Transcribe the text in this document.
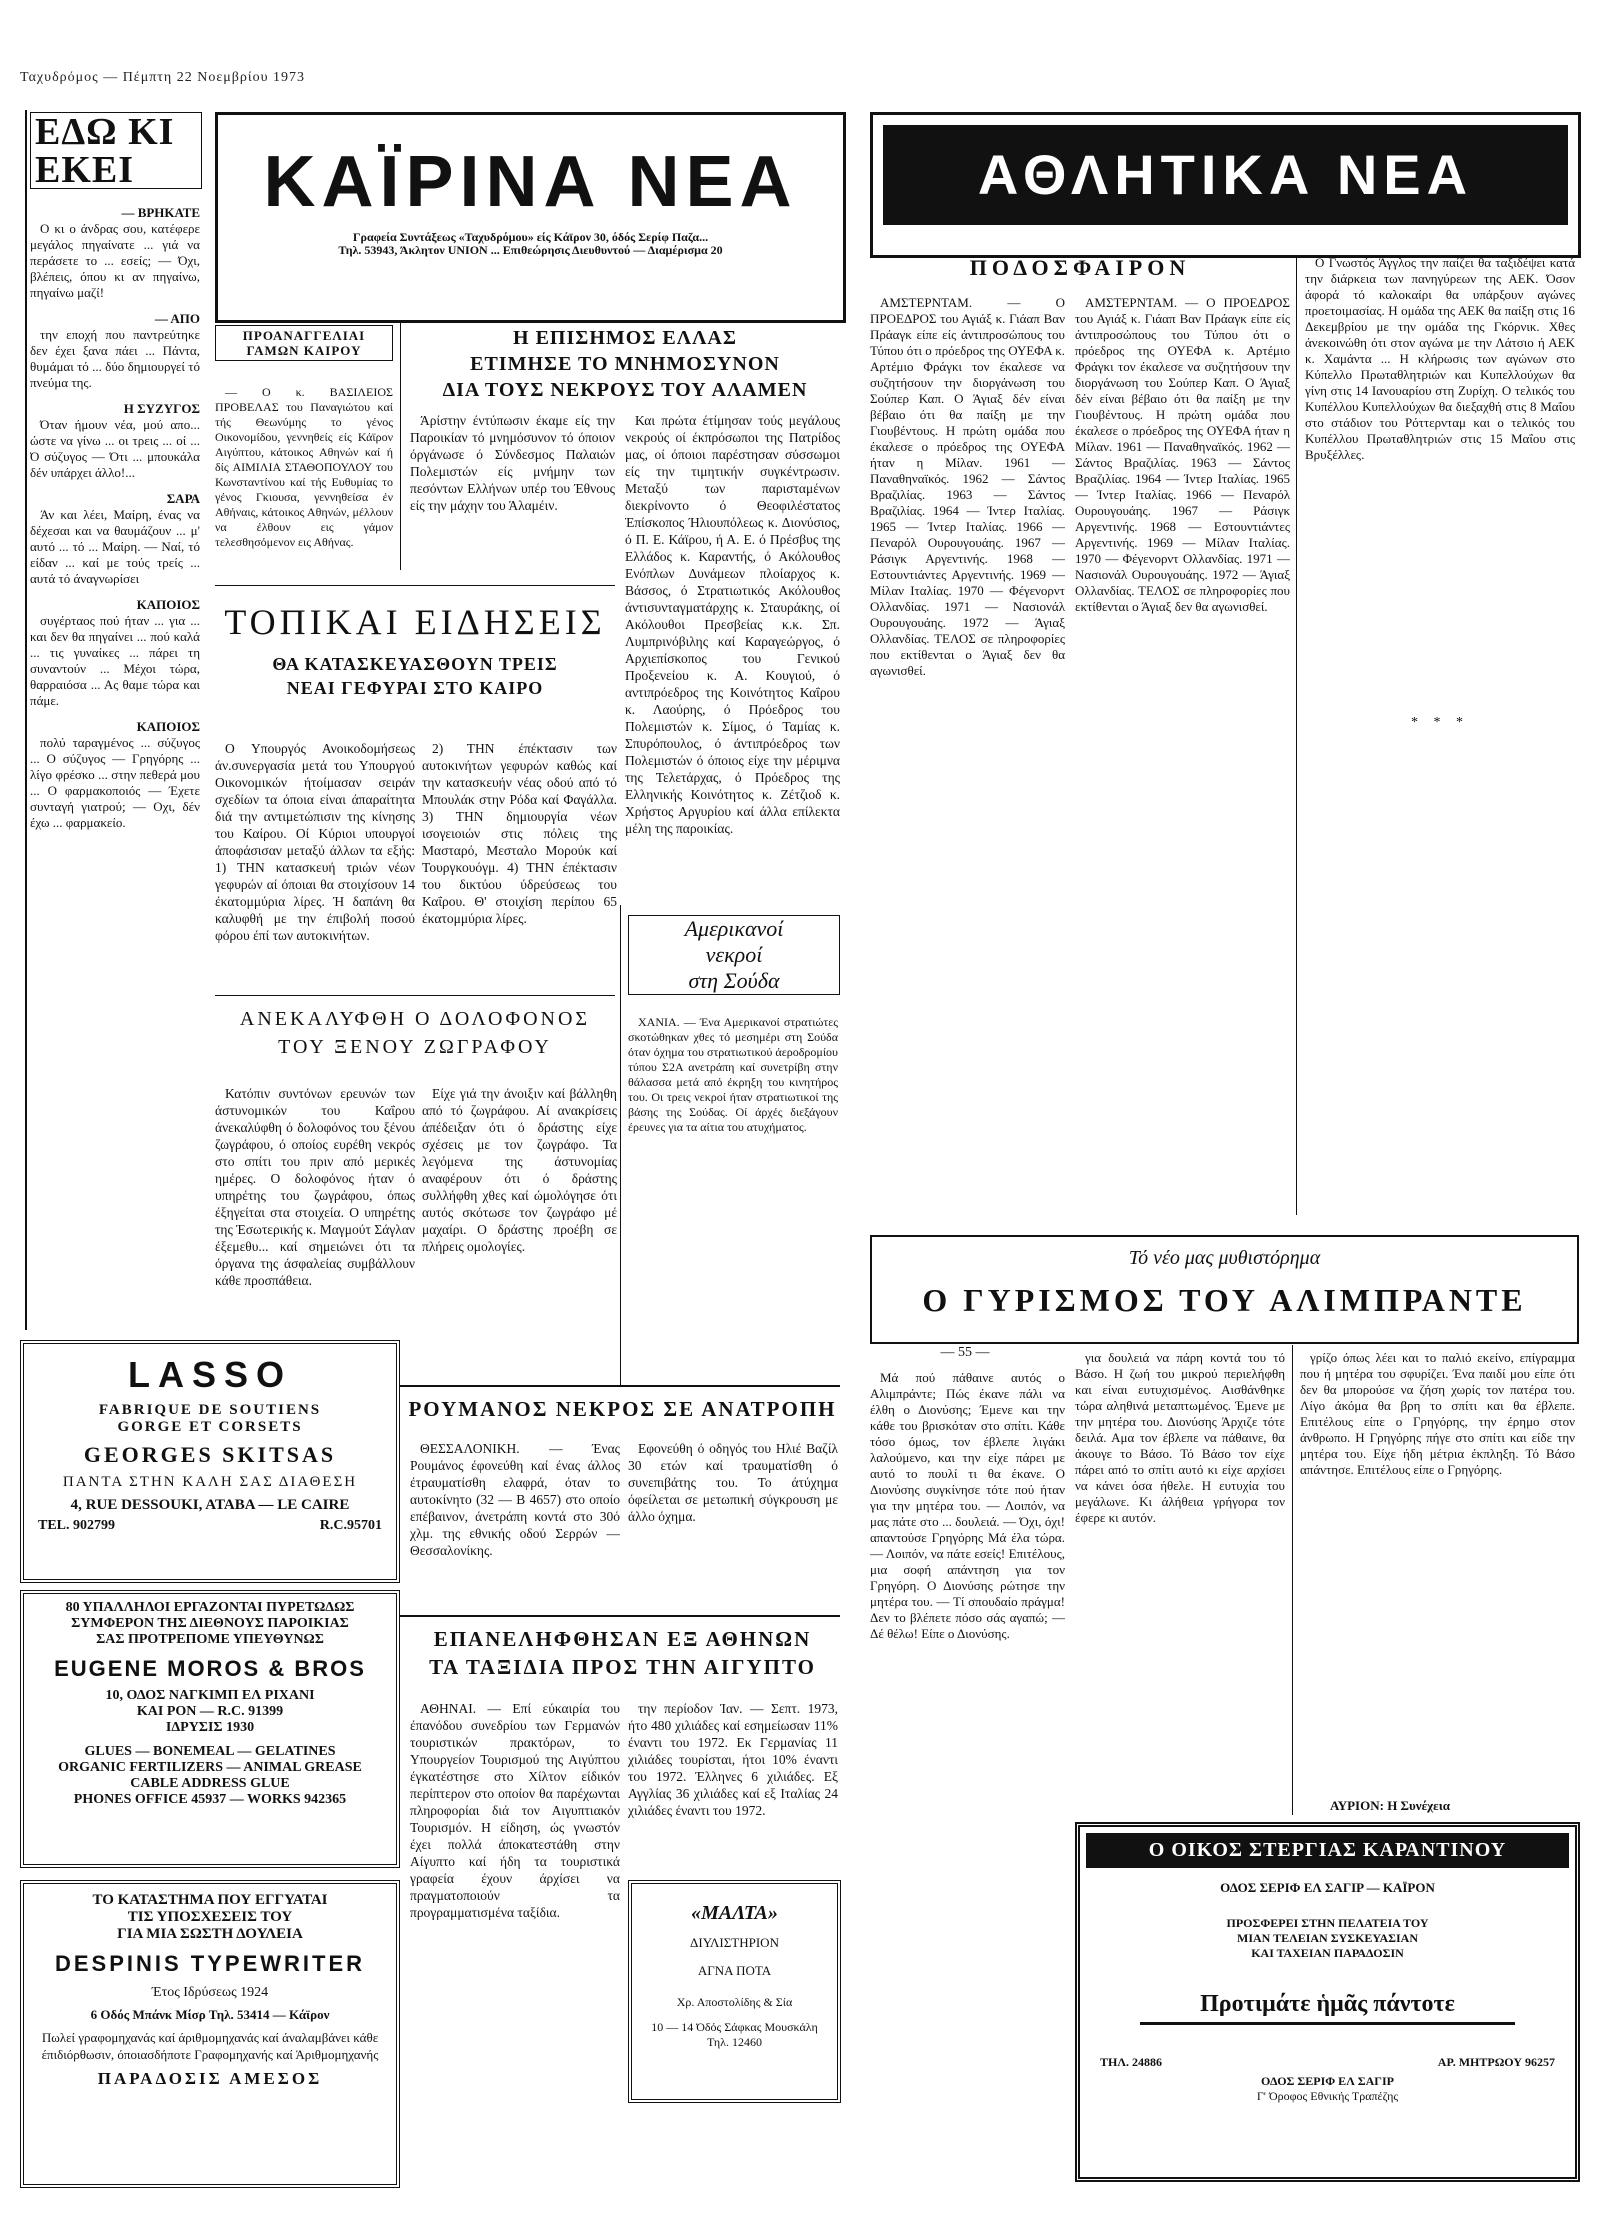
Ταχυδρόμος — Πέμπτη 22 Νοεμβρίου 1973
ΕΔΩ ΚΙ ΕΚΕΙ
— ΒΡΗΚΑΤΕ

Ο κι ο άνδρας σου, κατέφερε μεγάλος πηγαίνατε ... γιά να περάσετε το ... εσείς; — Όχι, βλέπεις, όπου κι αν πηγαίνω, πηγαίνω μαζί!

— ΑΠΟ

την εποχή που παντρεύτηκε δεν έχει ξανα πάει ... Πάντα, θυμάμαι τό ... δύο δημιουργεί τό πνεύμα της.

Η ΣΥΖΥΓΟΣ

Όταν ήμουν νέα, μού απο... ώστε να γίνω ... οι τρεις ... οί ... Ό σύζυγος — Ότι ... μπουκάλα δέν υπάρχει άλλο!...

ΣΑΡΑ

Άν και λέει, Μαίρη, ένας να δέχεσαι και να θαυμάζουν ... μ' αυτό ... τό ... Μαίρη. — Ναί, τό είδαν ... καί με τούς τρείς ... αυτά τό άναγνωρίσει

ΚΑΠΟΙΟΣ

συγέρταος πού ήταν ... για ... και δεν θα πηγαίνει ... πού καλά ... τις γυναίκες ... πάρει τη συναντούν ... Μέχοι τώρα, θαρραιόσα ... Ας θαμε τώρα και πάμε.

ΚΑΠΟΙΟΣ

πολύ ταραγμένος ... σύζυγος ... Ο σύζυγος — Γρηγόρης ... λίγο φρέσκο ... στην πεθερά μου ... Ο φαρμακοποιός — Έχετε συνταγή γιατρού; — Οχι, δέν έχω ... φαρμακείο.

LASSO
FABRIQUE DE SOUTIENS
GORGE ET CORSETS
GEORGES SKITSAS
ΠΑΝΤΑ ΣΤΗΝ ΚΑΛΗ ΣΑΣ ΔΙΑΘΕΣΗ
4, RUE DESSOUKI, ATABA — LE CAIRE
TEL. 902799	R.C.95701
80 ΥΠΑΛΛΗΛΟΙ ΕΡΓΑΖΟΝΤΑΙ ΠΥΡΕΤΩΔΩΣ
ΣΥΜΦΕΡΟΝ ΤΗΣ ΔΙΕΘΝΟΥΣ ΠΑΡΟΙΚΙΑΣ
ΣΑΣ ΠΡΟΤΡΕΠΟΜΕ ΥΠΕΥΘΥΝΩΣ
EUGENE MOROS & BROS
10, ΟΔΟΣ ΝΑΓΚΙΜΠ ΕΛ ΡΙΧΑΝΙ
ΚΑΙ ΡΟΝ — R.C. 91399
ΙΔΡΥΣΙΣ 1930
GLUES — BONEMEAL — GELATINES
ORGANIC FERTILIZERS — ANIMAL GREASE
CABLE ADDRESS GLUE
PHONES OFFICE 45937 — WORKS 942365
ΤΟ ΚΑΤΑΣΤΗΜΑ ΠΟΥ ΕΓΓΥΑΤΑΙ
ΤΙΣ ΥΠΟΣΧΕΣΕΙΣ ΤΟΥ
ΓΙΑ ΜΙΑ ΣΩΣΤΗ ΔΟΥΛΕΙΑ
DESPINIS TYPEWRITER
Έτος Ιδρύσεως 1924
6 Οδός Μπάνκ Μίσρ Τηλ. 53414 — Κάϊρον
Πωλεί γραφομηχανάς καί άριθμομηχανάς καί άναλαμβάνει κάθε έπιδιόρθωσιν, όποιασδήποτε Γραφομηχανής καί Άριθμομηχανής
ΠΑΡΑΔΟΣΙΣ ΑΜΕΣΟΣ
ΚΑΪΡΙΝΑ ΝΕΑ
Γραφεία Συντάξεως «Ταχυδρόμου» είς Κάϊρον 30, όδός Σερίφ Παζα...
Τηλ. 53943, Άκλητον UNION ... Επιθεώρησις Διευθυντού — Διαμέρισμα 20
ΠΡΟΑΝΑΓΓΕΛΙΑΙ ΓΑΜΩΝ ΚΑΙΡΟΥ

— Ο κ. ΒΑΣΙΛΕΙΟΣ ΠΡΟΒΕΛΑΣ του Παναγιώτου καί τής Θεωνύμης το γένος Οικονομίδου, γεννηθείς είς Κάϊρον Αιγύπτου, κάτοικος Αθηνών καί ή δίς ΑΙΜΙΛΙΑ ΣΤΑΘΟΠΟΥΛΟΥ του Κωνσταντίνου καί τής Ευθυμίας το γένος Γκιουσα, γεννηθείσα έν Αθήναις, κάτοικος Αθηνών, μέλλουν να έλθουν εις γάμον τελεσθησόμενον εις Αθήνας.

Η ΕΠΙΣΗΜΟΣ ΕΛΛΑΣ
ΕΤΙΜΗΣΕ ΤΟ ΜΝΗΜΟΣΥΝΟΝ
ΔΙΑ ΤΟΥΣ ΝΕΚΡΟΥΣ ΤΟΥ ΑΛΑΜΕΝ

Άρίστην έντύπωσιν έκαμε είς την Παροικίαν τό μνημόσυνον τό όποιον όργάνωσε ό Σύνδεσμος Παλαιών Πολεμιστών είς μνήμην των πεσόντων Ελλήνων υπέρ του Έθνους είς την μάχην του Άλαμέιν.

Και πρώτα έτίμησαν τούς μεγάλους νεκρούς οί έκπρόσωποι της Πατρίδος μας, οί όποιοι παρέστησαν σύσσωμοι είς την τιμητικήν συγκέντρωσιν. Μεταξύ των παρισταμένων διεκρίνοντο ό Θεοφιλέστατος Έπίσκοπος Ήλιουπόλεως κ. Διονύσιος, ό Π. Ε. Κάϊρου, ή Α. Ε. ό Πρέσβυς της Ελλάδος κ. Καραντής, ό Ακόλουθος Ενόπλων Δυνάμεων πλοίαρχος κ. Βάσσος, ό Στρατιωτικός Ακόλουθος άντισυνταγματάρχης κ. Σταυράκης, οί Ακόλουθοι Πρεσβείας κ.κ. Σπ. Λυμπρινόβιλης καί Καραγεώργος, ό Αρχιεπίσκοπος του Γενικού Προξενείου κ. Α. Κουγιού, ό αντιπρόεδρος της Κοινότητος Καΐρου κ. Λαούρης, ό Πρόεδρος του Πολεμιστών κ. Σίμος, ό Ταμίας κ. Σπυρόπουλος, ό άντιπρόεδρος των Πολεμιστών ό όποιος είχε την μέριμνα της Τελετάρχας, ό Πρόεδρος της Ελληνικής Κοινότητος κ. Ζέτζιοδ κ. Χρήστος Αργυρίου καί άλλα επίλεκτα μέλη της παροικίας.

ΤΟΠΙΚΑΙ ΕΙΔΗΣΕΙΣ
ΘΑ ΚΑΤΑΣΚΕΥΑΣΘΟΥΝ ΤΡΕΙΣ
ΝΕΑΙ ΓΕΦΥΡΑΙ ΣΤΟ ΚΑΙΡΟ

Ο Υπουργός Ανοικοδομήσεως άν.συνεργασία μετά του Υπουργού Οικονομικών ήτοίμασαν σειράν σχεδίων τα όποια είναι άπαραίτητα διά την αντιμετώπισιν της κίνησης του Καίρου. Οί Κύριοι υπουργοί άποφάσισαν μεταξύ άλλων τα εξής: 1) ΤΗΝ κατασκευή τριών νέων γεφυρών αί όποιαι θα στοιχίσουν 14 έκατομμύρια λίρες. Ή δαπάνη θα καλυφθή με την έπιβολή ποσού φόρου έπί των αυτοκινήτων.

2) ΤΗΝ έπέκτασιν των αυτοκινήτων γεφυρών καθώς καί την κατασκευήν νέας οδού από τό Μπουλάκ στην Ρόδα καί Φαγάλλα. 3) ΤΗΝ δημιουργία νέων ισογειοιών στις πόλεις της Μασταρό, Μεσταλο Μορούκ καί Τουργκουόγμ. 4) ΤΗΝ έπέκτασιν του δικτύου ύδρεύσεως του Καΐρου. Θ' στοιχίση περίπου 65 έκατομμύρια λίρες.

ΑΝΕΚΑΛΥΦΘΗ Ο ΔΟΛΟΦΟΝΟΣ
ΤΟΥ ΞΕΝΟΥ ΖΩΓΡΑΦΟΥ

Κατόπιν συντόνων ερευνών των άστυνομικών του Καΐρου άνεκαλύφθη ό δολοφόνος του ξένου ζωγράφου, ό οποίος ευρέθη νεκρός στο σπίτι του πριν από μερικές ημέρες. Ο δολοφόνος ήταν ό υπηρέτης του ζωγράφου, όπως έξηγείται στα στοιχεία. Ο υπηρέτης της Έσωτερικής κ. Μαγμούτ Σάγλαν έξεμεθυ... καί σημειώνει ότι τα όργανα της άσφαλείας συμβάλλουν κάθε προσπάθεια.

Είχε γιά την άνοιξιν καί βάλληθη από τό ζωγράφου. Αί ανακρίσεις άπέδειξαν ότι ό δράστης είχε σχέσεις με τον ζωγράφο. Τα λεγόμενα της άστυνομίας αναφέρουν ότι ό δράστης συλλήφθη χθες καί ώμολόγησε ότι αυτός σκότωσε τον ζωγράφο μέ μαχαίρι. Ο δράστης προέβη σε πλήρεις ομολογίες.

Αμερικανοί
νεκροί
στη Σούδα

ΧΑΝΙΑ. — Ένα Αμερικανοί στρατιώτες σκοτώθηκαν χθες τό μεσημέρι στη Σούδα όταν όχημα του στρατιωτικού άεροδρομίου τύπου Σ2Α ανετράπη καί συνετρίβη στην θάλασσα μετά από έκρηξη του κινητήρος του. Οι τρεις νεκροί ήταν στρατιωτικοί της βάσης της Σούδας. Οί άρχές διεξάγουν έρευνες για τα αίτια του ατυχήματος.

ΡΟΥΜΑΝΟΣ ΝΕΚΡΟΣ ΣΕ ΑΝΑΤΡΟΠΗ

ΘΕΣΣΑΛΟΝΙΚΗ. — Ένας Ρουμάνος έφονεύθη καί ένας άλλος έτραυματίσθη ελαφρά, όταν το αυτοκίνητο (32 — Β 4657) στο οποίο επέβαινον, άνετράπη κοντά στο 30ό χλμ. της εθνικής οδού Σερρών — Θεσσαλονίκης.

Εφονεύθη ό οδηγός του Ηλιέ Βαζίλ 30 ετών καί τραυματίσθη ό συνεπιβάτης του. Το άτύχημα όφείλεται σε μετωπική σύγκρουση με άλλο όχημα.

ΕΠΑΝΕΛΗΦΘΗΣΑΝ ΕΞ ΑΘΗΝΩΝ
ΤΑ ΤΑΞΙΔΙΑ ΠΡΟΣ ΤΗΝ ΑΙΓΥΠΤΟ

ΑΘΗΝΑΙ. — Επί εύκαιρία του έπανόδου συνεδρίου των Γερμανών τουριστικών πρακτόρων, το Υπουργείον Τουρισμού της Αιγύπτου έγκατέστησε στο Χίλτον είδικόν περίπτερον στο οποίον θα παρέχωνται πληροφορίαι διά τον Αιγυπτιακόν Τουρισμόν. Η είδηση, ώς γνωστόν έχει πολλά άποκατεστάθη στην Αίγυπτο καί ήδη τα τουριστικά γραφεία έχουν άρχίσει να πραγματοποιούν τα προγραμματισμένα ταξίδια.

την περίοδον Ίαν. — Σεπτ. 1973, ήτο 480 χιλιάδες καί εσημείωσαν 11% έναντι του 1972. Εκ Γερμανίας 11 χιλιάδες τουρίσται, ήτοι 10% έναντι του 1972. Έλληνες 6 χιλιάδες. Εξ Αγγλίας 36 χιλιάδες καί εξ Ιταλίας 24 χιλιάδες έναντι του 1972.

«ΜΑΛΤΑ»
ΔΙΥΛΙΣΤΗΡΙΟΝ
ΑΓΝΑ ΠΟΤΑ
Χρ. Αποστολίδης & Σία
10 — 14 Όδός Σάφκας Μουσκάλη Τηλ. 12460
ΑΘΛΗΤΙΚΑ ΝΕΑ
ΠΟΔΟΣΦΑΙΡΟΝ

ΑΜΣΤΕΡΝΤΑΜ. — Ο ΠΡΟΕΔΡΟΣ του Αγιάξ κ. Γιάαπ Βαν Πράαγκ είπε είς άντιπροσώπους του Τύπου ότι ο πρόεδρος της ΟΥΕΦΑ κ. Αρτέμιο Φράγκι τον έκαλεσε να συζητήσουν την διοργάνωση του Σούπερ Καπ. Ο Άγιαξ δέν είναι βέβαιο ότι θα παίξη με την Γιουβέντους. Η πρώτη ομάδα που έκαλεσε ο πρόεδρος της ΟΥΕΦΑ ήταν η Μίλαν. 1961 — Παναθηναϊκός. 1962 — Σάντος Βραζιλίας. 1963 — Σάντος Βραζιλίας. 1964 — Ίντερ Ιταλίας. 1965 — Ίντερ Ιταλίας. 1966 — Πεναρόλ Ουρουγουάης. 1967 — Ράσιγκ Αργεντινής. 1968 — Εστουντιάντες Αργεντινής. 1969 — Μίλαν Ιταλίας. 1970 — Φέγενορντ Ολλανδίας. 1971 — Νασιονάλ Ουρουγουάης. 1972 — Άγιαξ Ολλανδίας. ΤΕΛΟΣ σε πληροφορίες που εκτίθενται ο Άγιαξ δεν θα αγωνισθεί.

ΑΜΣΤΕΡΝΤΑΜ. — Ο ΠΡΟΕΔΡΟΣ του Αγιάξ κ. Γιάαπ Βαν Πράαγκ είπε είς άντιπροσώπους του Τύπου ότι ο πρόεδρος της ΟΥΕΦΑ κ. Αρτέμιο Φράγκι τον έκαλεσε να συζητήσουν την διοργάνωση του Σούπερ Καπ. Ο Άγιαξ δέν είναι βέβαιο ότι θα παίξη με την Γιουβέντους. Η πρώτη ομάδα που έκαλεσε ο πρόεδρος της ΟΥΕΦΑ ήταν η Μίλαν. 1961 — Παναθηναϊκός. 1962 — Σάντος Βραζιλίας. 1963 — Σάντος Βραζιλίας. 1964 — Ίντερ Ιταλίας. 1965 — Ίντερ Ιταλίας. 1966 — Πεναρόλ Ουρουγουάης. 1967 — Ράσιγκ Αργεντινής. 1968 — Εστουντιάντες Αργεντινής. 1969 — Μίλαν Ιταλίας. 1970 — Φέγενορντ Ολλανδίας. 1971 — Νασιονάλ Ουρουγουάης. 1972 — Άγιαξ Ολλανδίας. ΤΕΛΟΣ σε πληροφορίες που εκτίθενται ο Άγιαξ δεν θα αγωνισθεί.

Ο Γνωστός Άγγλος την παίζει θα ταξιδέψει κατά την διάρκεια των πανηγύρεων της ΑΕΚ. Όσον άφορά τό καλοκαίρι θα υπάρξουν αγώνες προετοιμασίας. Η ομάδα της ΑΕΚ θα παίξη στις 16 Δεκεμβρίου με την ομάδα της Γκόρνικ. Χθες άνεκοινώθη ότι στον αγώνα με την Λάτσιο ή ΑΕΚ κ. Χαμάντα ... Η κλήρωσις των αγώνων στο Κύπελλο Πρωταθλητριών και Κυπελλούχων θα γίνη στις 14 Ιανουαρίου στη Ζυρίχη. Ο τελικός του Κυπέλλου Κυπελλούχων θα διεξαχθή στις 8 Μαΐου στο στάδιον του Ρόττερνταμ και ο τελικός του Κυπέλλου Πρωταθλητριών στις 15 Μαΐου στις Βρυξέλλες.

* * *
Τό νέο μας μυθιστόρημα
Ο ΓΥΡΙΣΜΟΣ ΤΟΥ ΑΛΙΜΠΡΑΝΤΕ
— 55 —

Μά πού πάθαινε αυτός ο Αλιμπράντε; Πώς έκανε πάλι να έλθη ο Διονύσης; Έμενε και την κάθε του βρισκόταν στο σπίτι. Κάθε τόσο όμως, τον έβλεπε λιγάκι λαλούμενο, και την είχε πάρει με αυτό το πουλί τι θα έκανε. Ο Διονύσης συγκίνησε τότε πού ήταν για την μητέρα του. — Λοιπόν, να μας πάτε στο ... δουλειά. — Όχι, όχι! απαντούσε Γρηγόρης Μά έλα τώρα. — Λοιπόν, να πάτε εσείς! Επιτέλους, μια σοφή απάντηση για τον Γρηγόρη. Ο Διονύσης ρώτησε την μητέρα του. — Τί σπουδαίο πράγμα! Δεν το βλέπετε πόσο σάς αγαπώ; — Δέ θέλω! Είπε ο Διονύσης.

για δουλειά να πάρη κοντά του τό Βάσο. Η ζωή του μικρού περιελήφθη και είναι ευτυχισμένος. Αισθάνθηκε τώρα αληθινά μεταπτωμένος. Έμενε με την μητέρα του. Διονύσης Άρχιζε τότε δειλά. Αμα τον έβλεπε να πάθαινε, θα άκουγε το Βάσο. Τό Βάσο τον είχε πάρει από το σπίτι αυτό κι είχε αρχίσει να κάνει όσα ήθελε. Η ευτυχία του μεγάλωνε. Κι άλήθεια γρήγορα τον έφερε κι αυτόν.

γρίζο όπως λέει και το παλιό εκείνο, επίγραμμα που ή μητέρα του σφυρίζει. Ένα παιδί μου είπε ότι δεν θα μπορούσε να ζήση χωρίς τον πατέρα του. Λίγο άκόμα θα βρη το σπίτι και θα έβλεπε. Επιτέλους είπε ο Γρηγόρης, την έρημο στον άνθρωπο. Η Γρηγόρης πήγε στο σπίτι και είδε την μητέρα του. Είχε ήδη μέτρια έκπληξη. Τό Βάσο απάντησε. Επιτέλους είπε ο Γρηγόρης.

ΑΥΡΙΟΝ: Η Συνέχεια
Ο ΟΙΚΟΣ ΣΤΕΡΓΙΑΣ ΚΑΡΑΝΤΙΝΟΥ
ΟΔΟΣ ΣΕΡΙΦ ΕΛ ΣΑΓΙΡ — ΚΑΪΡΟΝ
ΠΡΟΣΦΕΡΕΙ ΣΤΗΝ ΠΕΛΑΤΕΙΑ ΤΟΥ
ΜΙΑΝ ΤΕΛΕΙΑΝ ΣΥΣΚΕΥΑΣΙΑΝ
ΚΑΙ ΤΑΧΕΙΑΝ ΠΑΡΑΔΟΣΙΝ
Προτιμάτε ἡμᾶς πάντοτε
ΤΗΛ. 24886	ΑΡ. ΜΗΤΡΩΟΥ 96257
ΟΔΟΣ ΣΕΡΙΦ ΕΛ ΣΑΓΙΡ
Γ' Όροφος Εθνικής Τραπέζης
